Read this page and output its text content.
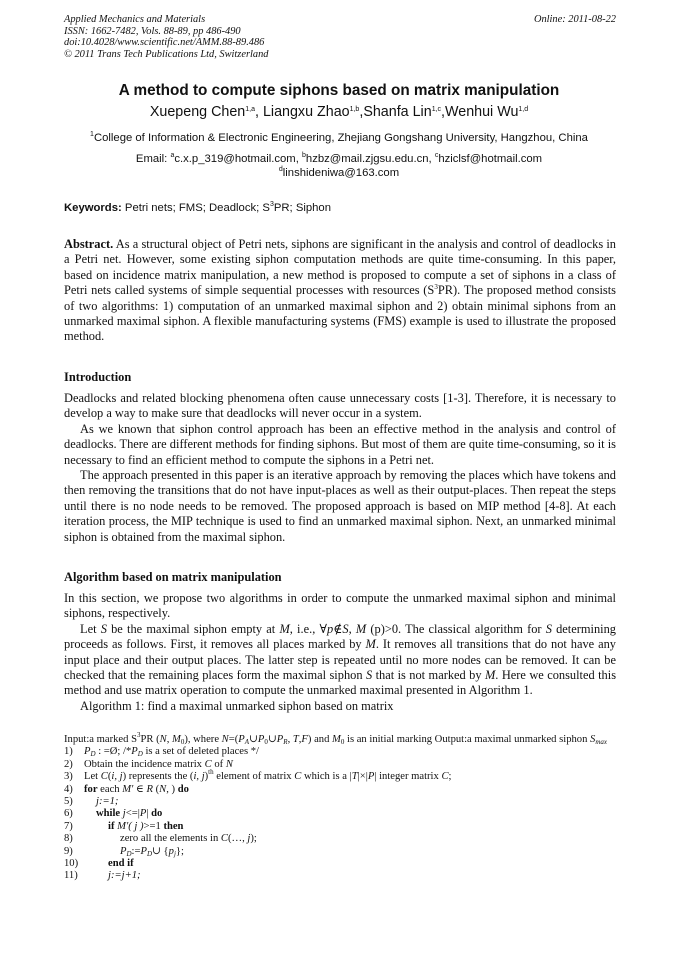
Applied Mechanics and Materials
ISSN: 1662-7482, Vols. 88-89, pp 486-490
doi:10.4028/www.scientific.net/AMM.88-89.486
© 2011 Trans Tech Publications Ltd, Switzerland
Online: 2011-08-22
A method to compute siphons based on matrix manipulation
Xuepeng Chen$^{1,a}$, Liangxu Zhao$^{1,b}$,Shanfa Lin$^{1,c}$,Wenhui Wu$^{1,d}$
$^1$College of Information & Electronic Engineering, Zhejiang Gongshang University, Hangzhou, China
Email: $^a$c.x.p_319@hotmail.com, $^b$hzbz@mail.zjgsu.edu.cn, $^c$hziclsf@hotmail.com
$^d$linshideniwa@163.com
Keywords: Petri nets; FMS; Deadlock; $S^3PR$; Siphon

Abstract. As a structural object of Petri nets, siphons are significant in the analysis and control of deadlocks in a Petri net. However, some existing siphon computation methods are quite time-consuming. In this paper, based on incidence matrix manipulation, a new method is proposed to compute a set of siphons in a class of Petri nets called systems of simple sequential processes with resources $(S^3PR)$. The proposed method consists of two algorithms: 1) computation of an unmarked maximal siphon and 2) obtain minimal siphons from an unmarked maximal siphon. A flexible manufacturing systems (FMS) example is used to illustrate the proposed method.

Introduction

Deadlocks and related blocking phenomena often cause unnecessary costs [1-3]. Therefore, it is necessary to develop a way to make sure that deadlocks will never occur in a system.

As we known that siphon control approach has been an effective method in the analysis and control of deadlocks. There are different methods for finding siphons. But most of them are quite time-consuming, so it is necessary to find an efficient method to compute the siphons in a Petri net.

The approach presented in this paper is an iterative approach by removing the places which have tokens and then removing the transitions that do not have input-places as well as their output-places. Then repeat the steps until there is no node needs to be removed. The proposed approach is based on MIP method [4-8]. At each iteration process, the MIP technique is used to find an unmarked maximal siphon. Next, an unmarked minimal siphon is obtained from the maximal siphon.

Algorithm based on matrix manipulation

In this section, we propose two algorithms in order to compute the unmarked maximal siphon and minimal siphons, respectively.

Let S be the maximal siphon empty at M, i.e., ∀p∉S, M (p)>0. The classical algorithm for S determining proceeds as follows. First, it removes all places marked by M. It removes all transitions that do not have any input place and their output places. The latter step is repeated until no more nodes can be removed. It can be checked that the remaining places form the maximal siphon S that is not marked by M. Here we consulted this method and use matrix operation to compute the unmarked maximal presented in Algorithm 1.

Algorithm 1: find a maximal unmarked siphon based on matrix

Input:a marked $S^3PR$ (N, $M_0$), where $N=(P_A\cup P_0\cup P_R$, T,F) and $M_0$ is an initial marking Output:a maximal unmarked siphon $S_{max}$
1) $P_D$ : =Ø; $/*P_D$ is a set of deleted places */
2) Obtain the incidence matrix C of N
3) Let C(i, j) represents the (i, j)$^{th}$ element of matrix C which is a |T|×|P| integer matrix C;
4) for each M' ∈ R (N, ) do
5) j:=1;
6) while j<=|P| do
7)	if M'( j )>=1 then
8)	zero all the elements in C(…, j);
9)	$P_D:=P_D\cup$ $\{p_j\}$;
10)	end if
11)	j:=j+1;
